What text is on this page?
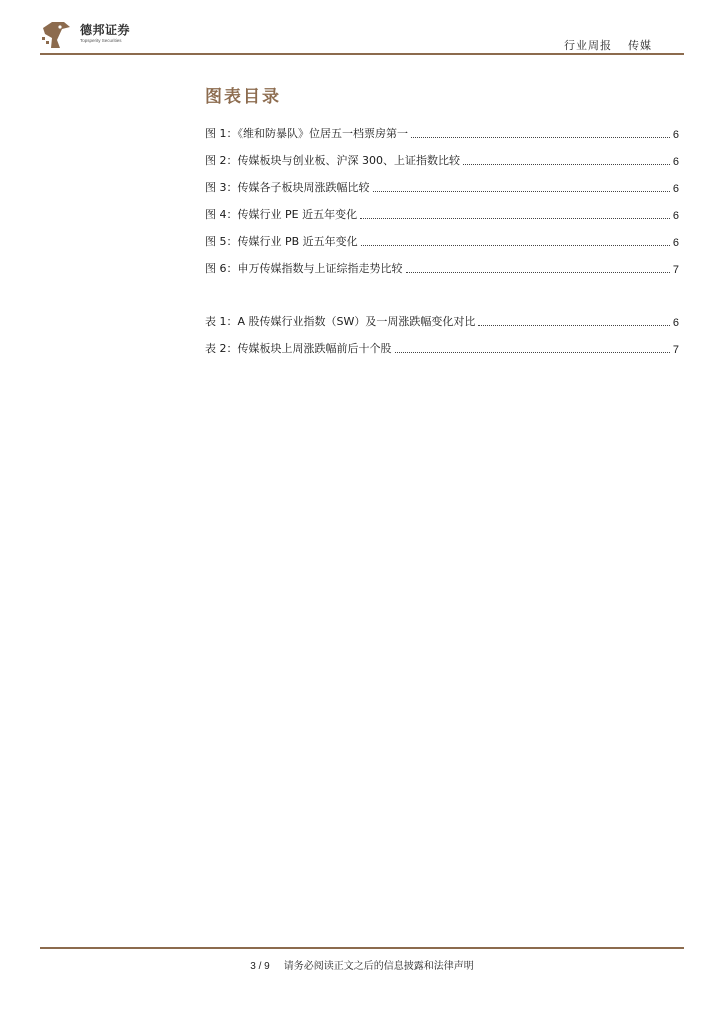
德邦证券
Topsperity Securities	行业周报 传媒
图表目录
图 1：《维和防暴队》位居五一档票房第一	6
图 2：传媒板块与创业板、沪深 300、上证指数比较	6
图 3：传媒各子板块周涨跌幅比较	6
图 4：传媒行业 PE 近五年变化	6
图 5：传媒行业 PB 近五年变化	6
图 6：申万传媒指数与上证综指走势比较	7
表 1：A 股传媒行业指数（SW）及一周涨跌幅变化对比	6
表 2：传媒板块上周涨跌幅前后十个股	7
3 / 9 请务必阅读正文之后的信息披露和法律声明
